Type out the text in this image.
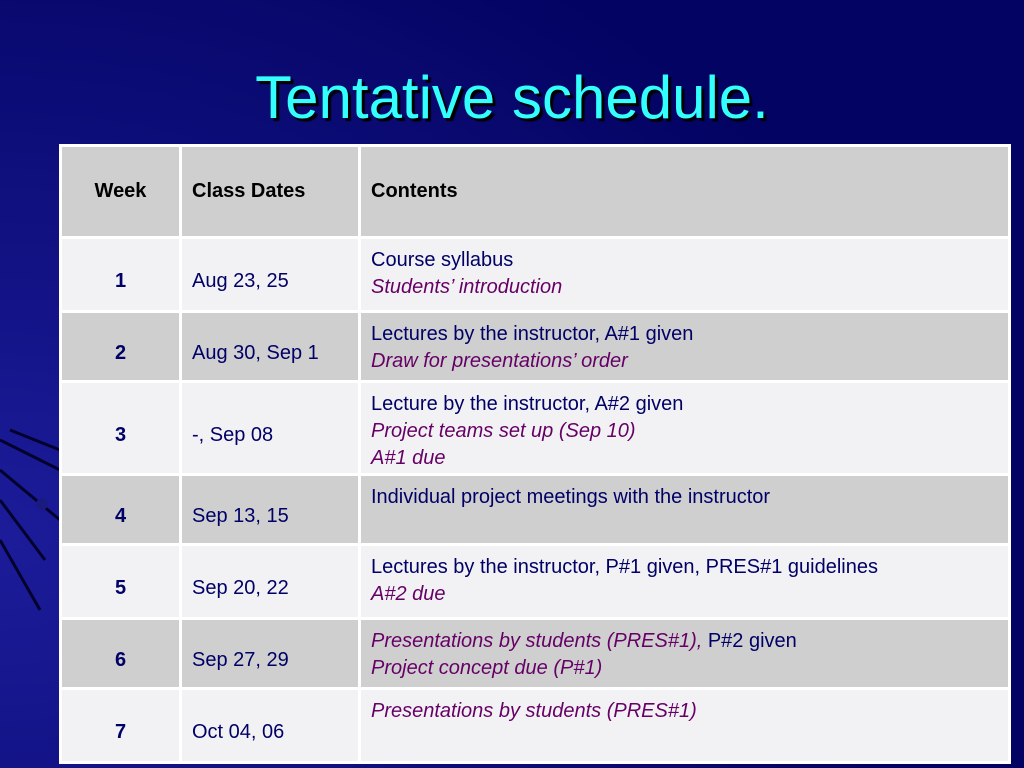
Tentative schedule.
Week	Class Dates	Contents
1	Aug 23, 25	Course syllabus
Students’ introduction

2	Aug 30, Sep 1	Lectures by the instructor, A#1 given
Draw for presentations’ order

3	-, Sep 08	Lecture by the instructor, A#2 given
Project teams set up (Sep 10)
A#1 due

4	Sep 13, 15	Individual project meetings with the instructor

5	Sep 20, 22	Lectures by the instructor, P#1 given, PRES#1 guidelines
A#2 due

6	Sep 27, 29	Presentations by students (PRES#1), P#2 given
Project concept due (P#1)

7	Oct 04, 06	Presentations by students (PRES#1)
